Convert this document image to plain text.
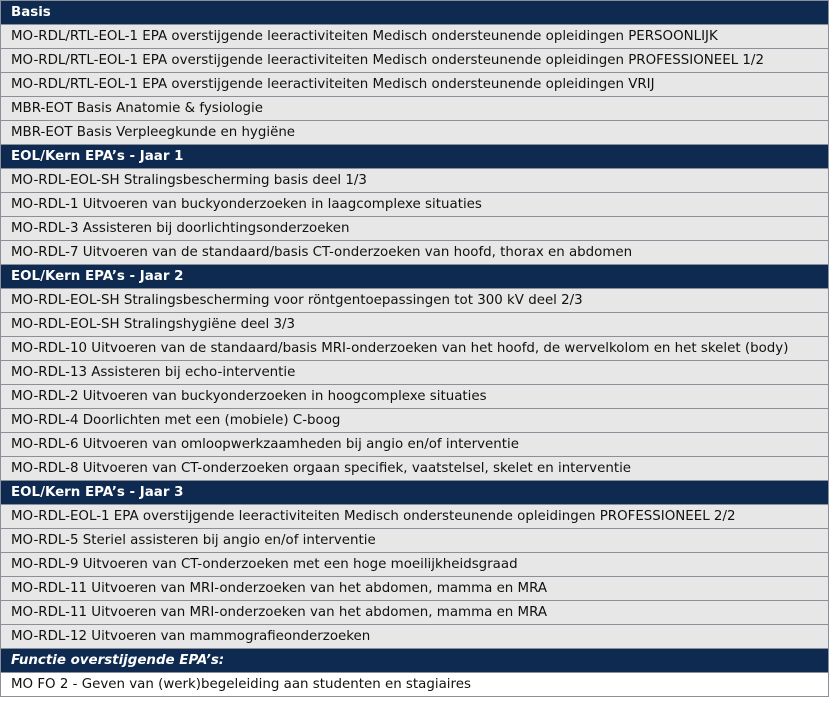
Basis
MO-RDL/RTL-EOL-1 EPA overstijgende leeractiviteiten Medisch ondersteunende opleidingen PERSOONLIJK
MO-RDL/RTL-EOL-1 EPA overstijgende leeractiviteiten Medisch ondersteunende opleidingen PROFESSIONEEL 1/2
MO-RDL/RTL-EOL-1 EPA overstijgende leeractiviteiten Medisch ondersteunende opleidingen VRIJ
MBR-EOT Basis Anatomie & fysiologie
MBR-EOT Basis Verpleegkunde en hygiëne
EOL/Kern EPA’s - Jaar 1
MO-RDL-EOL-SH Stralingsbescherming basis deel 1/3
MO-RDL-1 Uitvoeren van buckyonderzoeken in laagcomplexe situaties
MO-RDL-3 Assisteren bij doorlichtingsonderzoeken
MO-RDL-7 Uitvoeren van de standaard/basis CT-onderzoeken van hoofd, thorax en abdomen
EOL/Kern EPA’s - Jaar 2
MO-RDL-EOL-SH Stralingsbescherming voor röntgentoepassingen tot 300 kV deel 2/3
MO-RDL-EOL-SH Stralingshygiëne deel 3/3
MO-RDL-10 Uitvoeren van de standaard/basis MRI-onderzoeken van het hoofd, de wervelkolom en het skelet (body)
MO-RDL-13 Assisteren bij echo-interventie
MO-RDL-2 Uitvoeren van buckyonderzoeken in hoogcomplexe situaties
MO-RDL-4 Doorlichten met een (mobiele) C-boog
MO-RDL-6 Uitvoeren van omloopwerkzaamheden bij angio en/of interventie
MO-RDL-8 Uitvoeren van CT-onderzoeken orgaan specifiek, vaatstelsel, skelet en interventie
EOL/Kern EPA’s - Jaar 3
MO-RDL-EOL-1 EPA overstijgende leeractiviteiten Medisch ondersteunende opleidingen PROFESSIONEEL 2/2
MO-RDL-5 Steriel assisteren bij angio en/of interventie
MO-RDL-9 Uitvoeren van CT-onderzoeken met een hoge moeilijkheidsgraad
MO-RDL-11 Uitvoeren van MRI-onderzoeken van het abdomen, mamma en MRA
MO-RDL-11 Uitvoeren van MRI-onderzoeken van het abdomen, mamma en MRA
MO-RDL-12 Uitvoeren van mammografieonderzoeken
Functie overstijgende EPA’s:
MO FO 2 - Geven van (werk)begeleiding aan studenten en stagiaires
